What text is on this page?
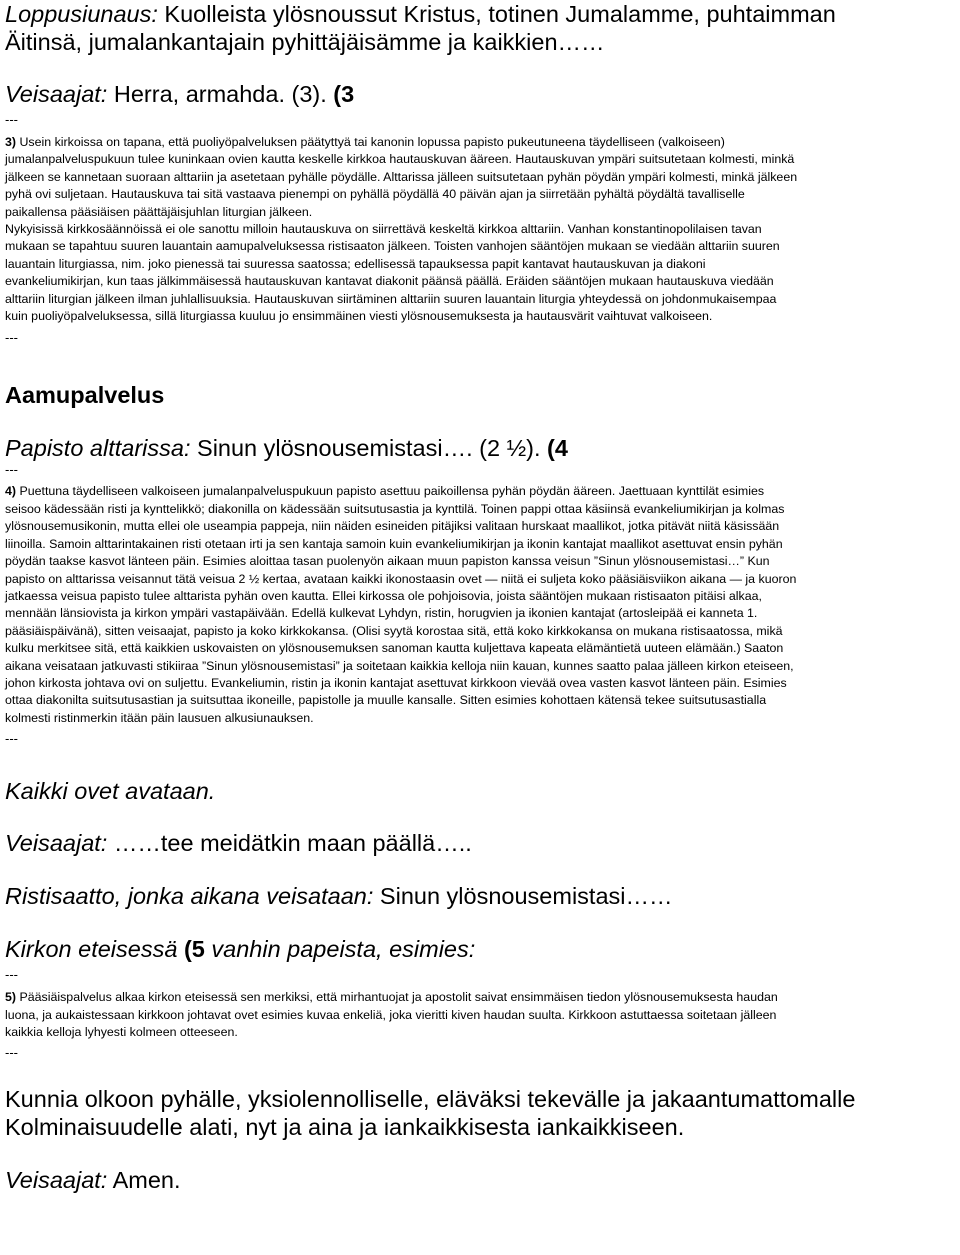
Loppusiunaus: Kuolleista ylösnoussut Kristus, totinen Jumalamme, puhtaimman

Äitinsä, jumalankantajain pyhittäjäisämme ja kaikkien……

Veisaajat: Herra, armahda. (3). (3

---

3) Usein kirkoissa on tapana, että puoliyöpalveluksen päätyttyä tai kanonin lopussa papisto pukeutuneena täydelliseen (valkoiseen)
jumalanpalveluspukuun tulee kuninkaan ovien kautta keskelle kirkkoa hautauskuvan ääreen. Hautauskuvan ympäri suitsutetaan kolmesti, minkä
jälkeen se kannetaan suoraan alttariin ja asetetaan pyhälle pöydälle. Alttarissa jälleen suitsutetaan pyhän pöydän ympäri kolmesti, minkä jälkeen
pyhä ovi suljetaan. Hautauskuva tai sitä vastaava pienempi on pyhällä pöydällä 40 päivän ajan ja siirretään pyhältä pöydältä tavalliselle
paikallensa pääsiäisen päättäjäisjuhlan liturgian jälkeen.
Nykyisissä kirkkosäännöissä ei ole sanottu milloin hautauskuva on siirrettävä keskeltä kirkkoa alttariin. Vanhan konstantinopolilaisen tavan
mukaan se tapahtuu suuren lauantain aamupalveluksessa ristisaaton jälkeen. Toisten vanhojen sääntöjen mukaan se viedään alttariin suuren
lauantain liturgiassa, nim. joko pienessä tai suuressa saatossa; edellisessä tapauksessa papit kantavat hautauskuvan ja diakoni
evankeliumikirjan, kun taas jälkimmäisessä hautauskuvan kantavat diakonit päänsä päällä. Eräiden sääntöjen mukaan hautauskuva viedään
alttariin liturgian jälkeen ilman juhlallisuuksia. Hautauskuvan siirtäminen alttariin suuren lauantain liturgia yhteydessä on johdonmukaisempaa
kuin puoliyöpalveluksessa, sillä liturgiassa kuuluu jo ensimmäinen viesti ylösnousemuksesta ja hautausvärit vaihtuvat valkoiseen.

---

Aamupalvelus

Papisto alttarissa: Sinun ylösnousemistasi…. (2 ½). (4

---

4) Puettuna täydelliseen valkoiseen jumalanpalveluspukuun papisto asettuu paikoillensa pyhän pöydän ääreen. Jaettuaan kynttilät esimies
seisoo kädessään risti ja kynttelikkö; diakonilla on kädessään suitsutusastia ja kynttilä. Toinen pappi ottaa käsiinsä evankeliumikirjan ja kolmas
ylösnousemusikonin, mutta ellei ole useampia pappeja, niin näiden esineiden pitäjiksi valitaan hurskaat maallikot, jotka pitävät niitä käsissään
liinoilla. Samoin alttarintakainen risti otetaan irti ja sen kantaja samoin kuin evankeliumikirjan ja ikonin kantajat maallikot asettuvat ensin pyhän
pöydän taakse kasvot länteen päin. Esimies aloittaa tasan puolenyön aikaan muun papiston kanssa veisun ”Sinun ylösnousemistasi…” Kun
papisto on alttarissa veisannut tätä veisua 2 ½ kertaa, avataan kaikki ikonostaasin ovet — niitä ei suljeta koko pääsiäisviikon aikana — ja kuoron
jatkaessa veisua papisto tulee alttarista pyhän oven kautta. Ellei kirkossa ole pohjoisovia, joista sääntöjen mukaan ristisaaton pitäisi alkaa,
mennään länsiovista ja kirkon ympäri vastapäivään. Edellä kulkevat Lyhdyn, ristin, horugvien ja ikonien kantajat (artosleipää ei kanneta 1.
pääsiäispäivänä), sitten veisaajat, papisto ja koko kirkkokansa. (Olisi syytä korostaa sitä, että koko kirkkokansa on mukana ristisaatossa, mikä
kulku merkitsee sitä, että kaikkien uskovaisten on ylösnousemuksen sanoman kautta kuljettava kapeata elämäntietä uuteen elämään.) Saaton
aikana veisataan jatkuvasti stikiiraa ”Sinun ylösnousemistasi” ja soitetaan kaikkia kelloja niin kauan, kunnes saatto palaa jälleen kirkon eteiseen,
johon kirkosta johtava ovi on suljettu. Evankeliumin, ristin ja ikonin kantajat asettuvat kirkkoon vievää ovea vasten kasvot länteen päin. Esimies
ottaa diakonilta suitsutusastian ja suitsuttaa ikoneille, papistolle ja muulle kansalle. Sitten esimies kohottaen kätensä tekee suitsutusastialla
kolmesti ristinmerkin itään päin lausuen alkusiunauksen.

---

Kaikki ovet avataan.

Veisaajat: ……tee meidätkin maan päällä…..

Ristisaatto, jonka aikana veisataan: Sinun ylösnousemistasi……

Kirkon eteisessä (5 vanhin papeista, esimies:

---

5) Pääsiäispalvelus alkaa kirkon eteisessä sen merkiksi, että mirhantuojat ja apostolit saivat ensimmäisen tiedon ylösnousemuksesta haudan
luona, ja aukaistessaan kirkkoon johtavat ovet esimies kuvaa enkeliä, joka vieritti kiven haudan suulta. Kirkkoon astuttaessa soitetaan jälleen
kaikkia kelloja lyhyesti kolmeen otteeseen.

---

Kunnia olkoon pyhälle, yksiolennolliselle, eläväksi tekevälle ja jakaantumattomalle

Kolminaisuudelle alati, nyt ja aina ja iankaikkisesta iankaikkiseen.

Veisaajat: Amen.
